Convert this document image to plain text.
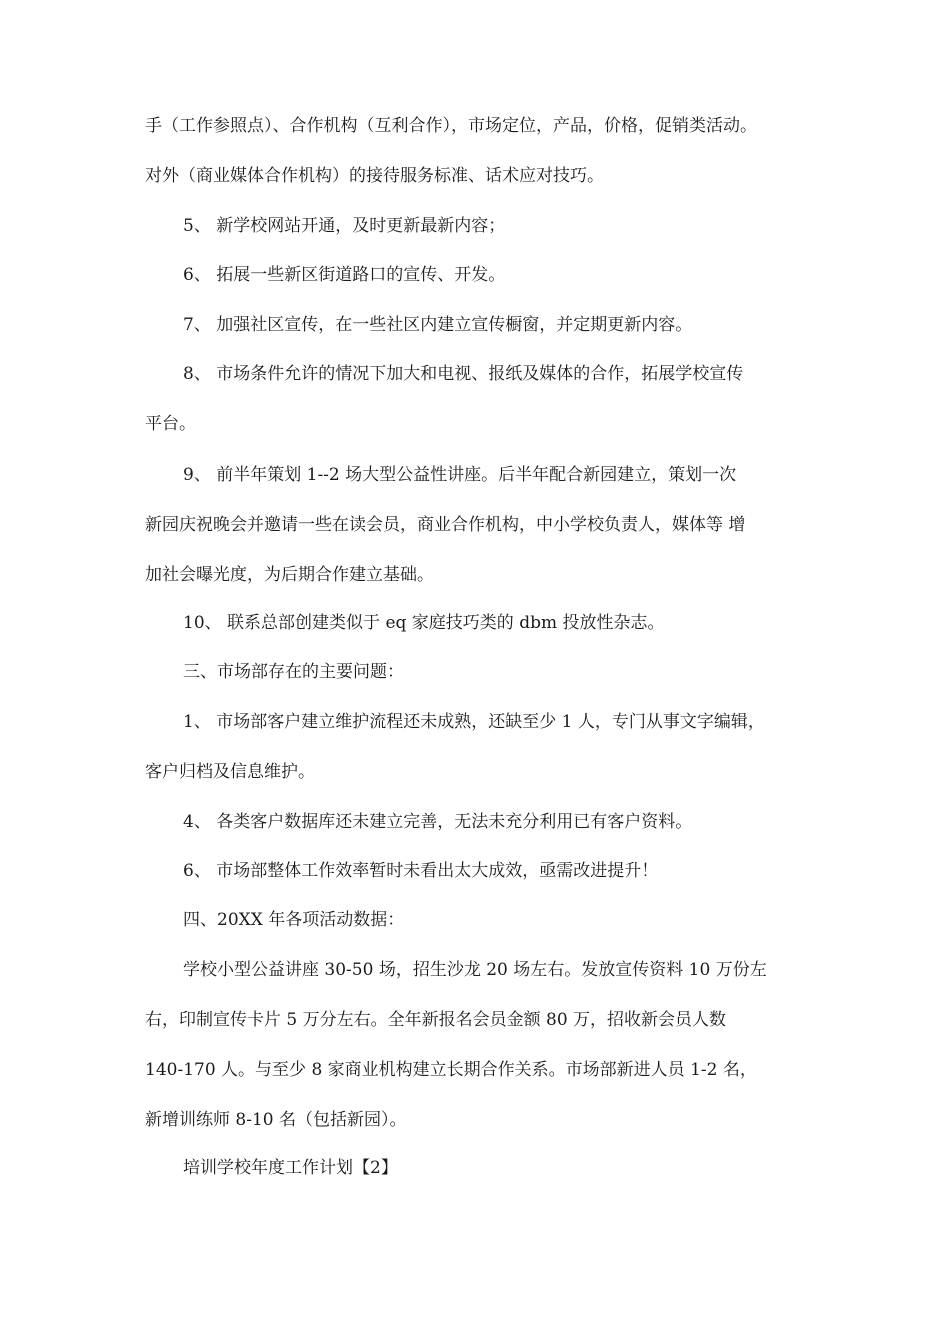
手（工作参照点）、合作机构（互利合作），市场定位，产品，价格，促销类活动。
对外（商业媒体合作机构）的接待服务标准、话术应对技巧。

5、 新学校网站开通，及时更新最新内容；

6、 拓展一些新区街道路口的宣传、开发。

7、 加强社区宣传，在一些社区内建立宣传橱窗，并定期更新内容。

8、 市场条件允许的情况下加大和电视、报纸及媒体的合作，拓展学校宣传
平台。

9、 前半年策划 1--2 场大型公益性讲座。后半年配合新园建立，策划一次
新园庆祝晚会并邀请一些在读会员，商业合作机构，中小学校负责人，媒体等 增
加社会曝光度，为后期合作建立基础。

10、 联系总部创建类似于 eq 家庭技巧类的 dbm 投放性杂志。

三、市场部存在的主要问题：

1、 市场部客户建立维护流程还未成熟，还缺至少 1 人，专门从事文字编辑，
客户归档及信息维护。

4、 各类客户数据库还未建立完善，无法未充分利用已有客户资料。

6、 市场部整体工作效率暂时未看出太大成效，亟需改进提升！

四、20XX 年各项活动数据：

学校小型公益讲座 30-50 场，招生沙龙 20 场左右。发放宣传资料 10 万份左
右，印制宣传卡片 5 万分左右。全年新报名会员金额 80 万，招收新会员人数
140-170 人。与至少 8 家商业机构建立长期合作关系。市场部新进人员 1-2 名，
新增训练师 8-10 名（包括新园）。

培训学校年度工作计划【2】
